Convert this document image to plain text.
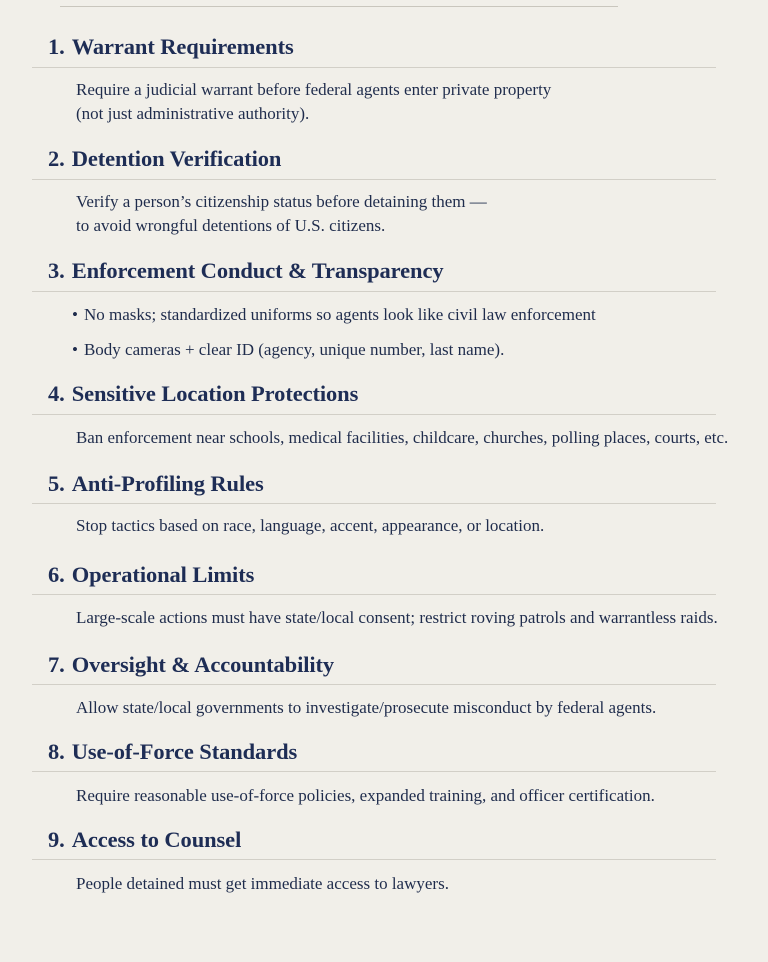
1. Warrant Requirements
Require a judicial warrant before federal agents enter private property
(not just administrative authority).
2. Detention Verification
Verify a person’s citizenship status before detaining them —
to avoid wrongful detentions of U.S. citizens.
3. Enforcement Conduct & Transparency
• No masks; standardized uniforms so agents look like civil law enforcement
• Body cameras + clear ID (agency, unique number, last name).
4. Sensitive Location Protections
Ban enforcement near schools, medical facilities, childcare, churches, polling places, courts, etc.
5. Anti-Profiling Rules
Stop tactics based on race, language, accent, appearance, or location.
6. Operational Limits
Large-scale actions must have state/local consent; restrict roving patrols and warrantless raids.
7. Oversight & Accountability
Allow state/local governments to investigate/prosecute misconduct by federal agents.
8. Use-of-Force Standards
Require reasonable use-of-force policies, expanded training, and officer certification.
9. Access to Counsel
People detained must get immediate access to lawyers.
